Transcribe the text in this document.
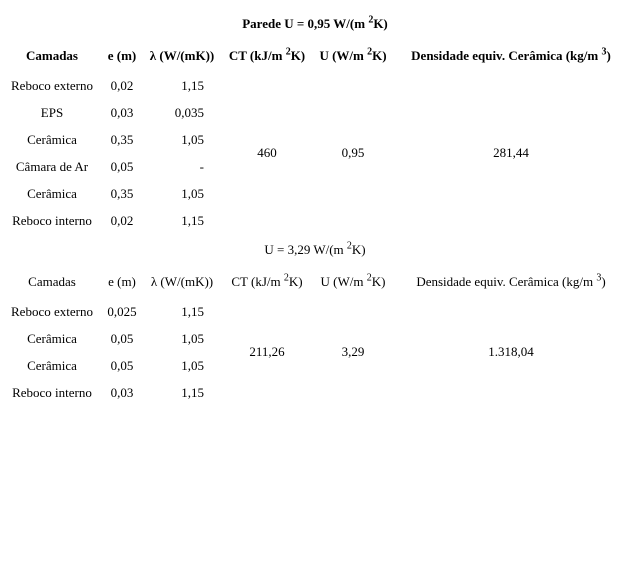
Parede U = 0,95 W/(m $^2$K)
Camadas	e (m)	λ (W/(mK))	CT (kJ/m $^2$K)	U (W/m $^2$K)	Densidade equiv. Cerâmica (kg/m $^3$)
Reboco externo	0,02	1,15	460	0,95	281,44
EPS	0,03	0,035			
Cerâmica	0,35	1,05			
Câmara de Ar	0,05	-			
Cerâmica	0,35	1,05			
Reboco interno	0,02	1,15			
U = 3,29 W/(m $^2$K)
Camadas	e (m)	λ (W/(mK))	CT (kJ/m $^2$K)	U (W/m $^2$K)	Densidade equiv. Cerâmica (kg/m $^3$)
Reboco externo	0,025	1,15	211,26	3,29	1.318,04
Cerâmica	0,05	1,05			
Cerâmica	0,05	1,05			
Reboco interno	0,03	1,15			
